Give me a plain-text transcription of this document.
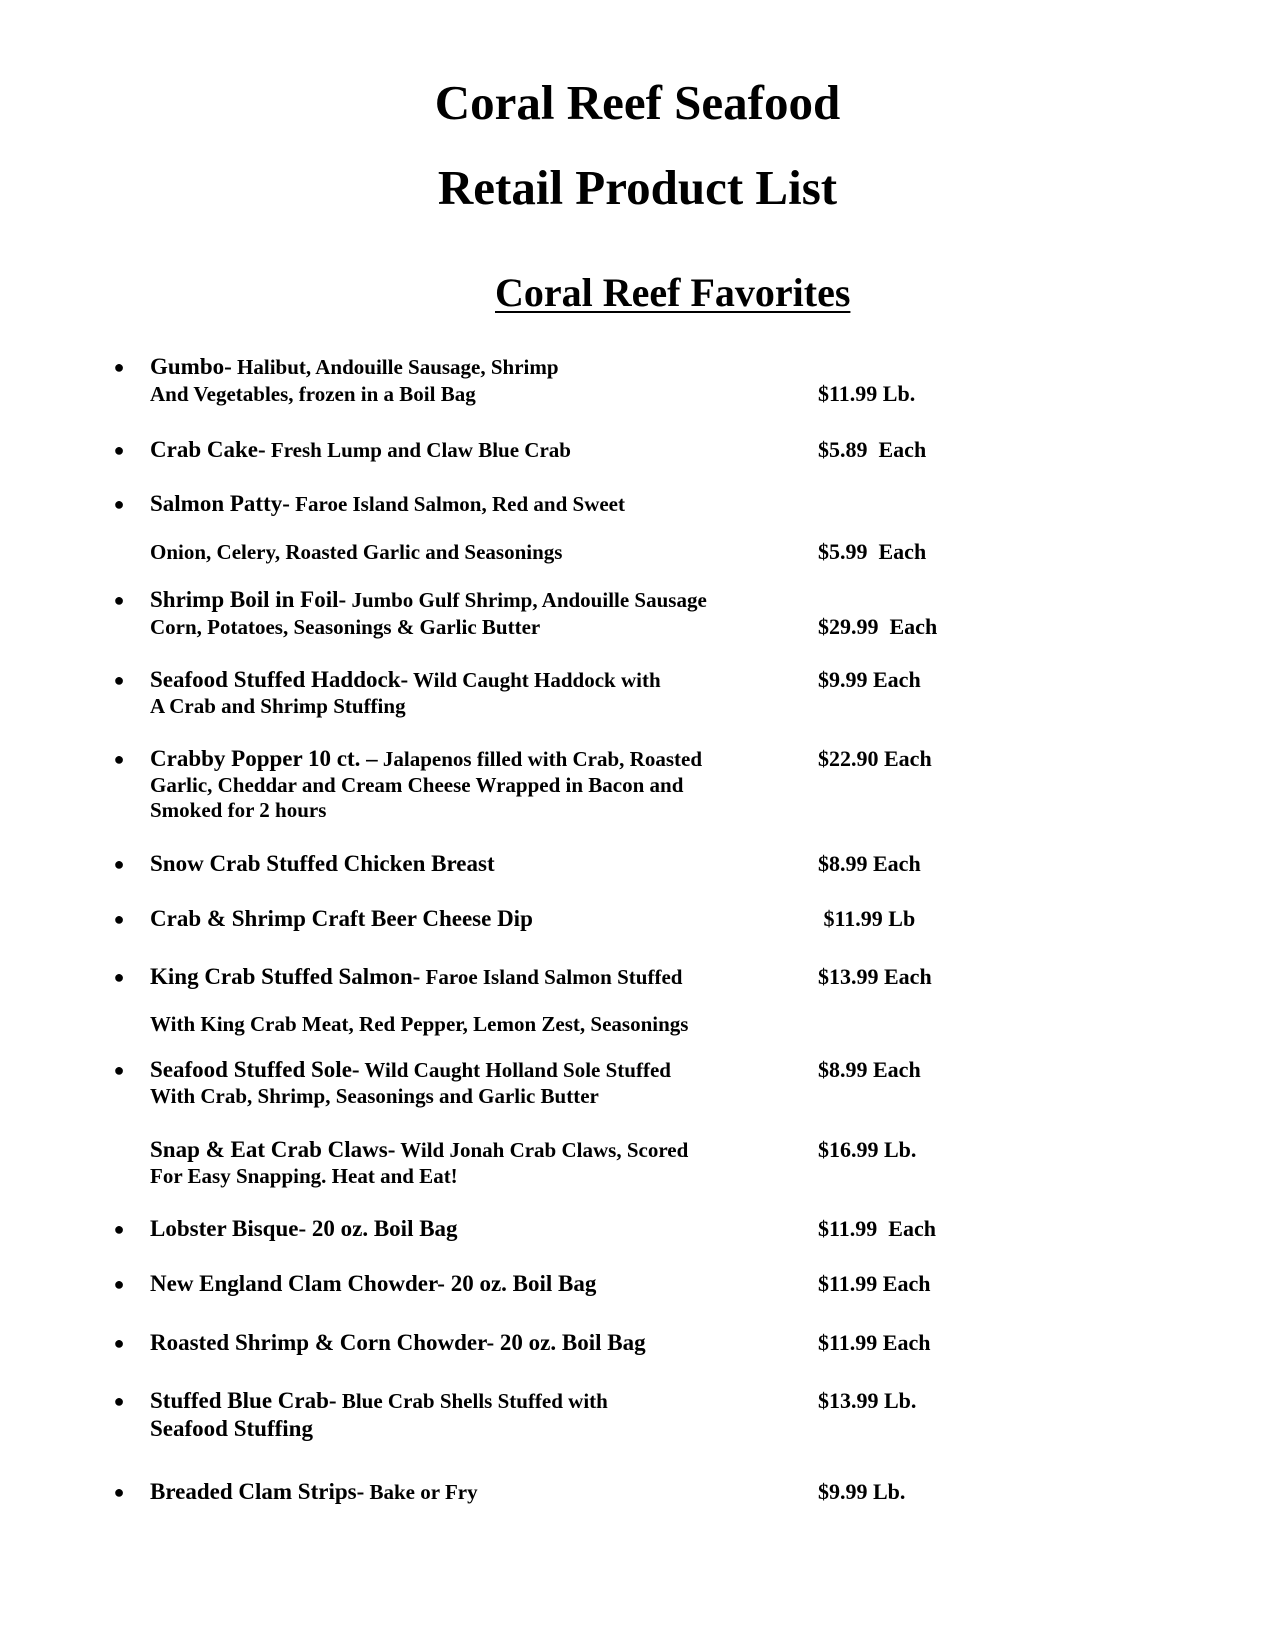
Coral Reef Seafood
Retail Product List
Coral Reef Favorites
● Gumbo- Halibut, Andouille Sausage, Shrimp
And Vegetables, frozen in a Boil Bag	$11.99 Lb.
● Crab Cake- Fresh Lump and Claw Blue Crab	$5.89  Each
● Salmon Patty- Faroe Island Salmon, Red and Sweet
Onion, Celery, Roasted Garlic and Seasonings	$5.99  Each
● Shrimp Boil in Foil- Jumbo Gulf Shrimp, Andouille Sausage
Corn, Potatoes, Seasonings & Garlic Butter	$29.99  Each
● Seafood Stuffed Haddock- Wild Caught Haddock with
A Crab and Shrimp Stuffing
$9.99 Each
● Crabby Popper 10 ct. – Jalapenos filled with Crab, Roasted
Garlic, Cheddar and Cream Cheese Wrapped in Bacon and
Smoked for 2 hours
$22.90 Each
● Snow Crab Stuffed Chicken Breast	$8.99 Each
● Crab & Shrimp Craft Beer Cheese Dip	$11.99 Lb
● King Crab Stuffed Salmon- Faroe Island Salmon Stuffed
With King Crab Meat, Red Pepper, Lemon Zest, Seasonings
$13.99 Each
● Seafood Stuffed Sole- Wild Caught Holland Sole Stuffed
With Crab, Shrimp, Seasonings and Garlic Butter
$8.99 Each
Snap & Eat Crab Claws- Wild Jonah Crab Claws, Scored
For Easy Snapping. Heat and Eat!
$16.99 Lb.
● Lobster Bisque- 20 oz. Boil Bag	$11.99  Each
● New England Clam Chowder- 20 oz. Boil Bag	$11.99 Each
● Roasted Shrimp & Corn Chowder- 20 oz. Boil Bag	$11.99 Each
● Stuffed Blue Crab- Blue Crab Shells Stuffed with
Seafood Stuffing
$13.99 Lb.
● Breaded Clam Strips- Bake or Fry	$9.99 Lb.
